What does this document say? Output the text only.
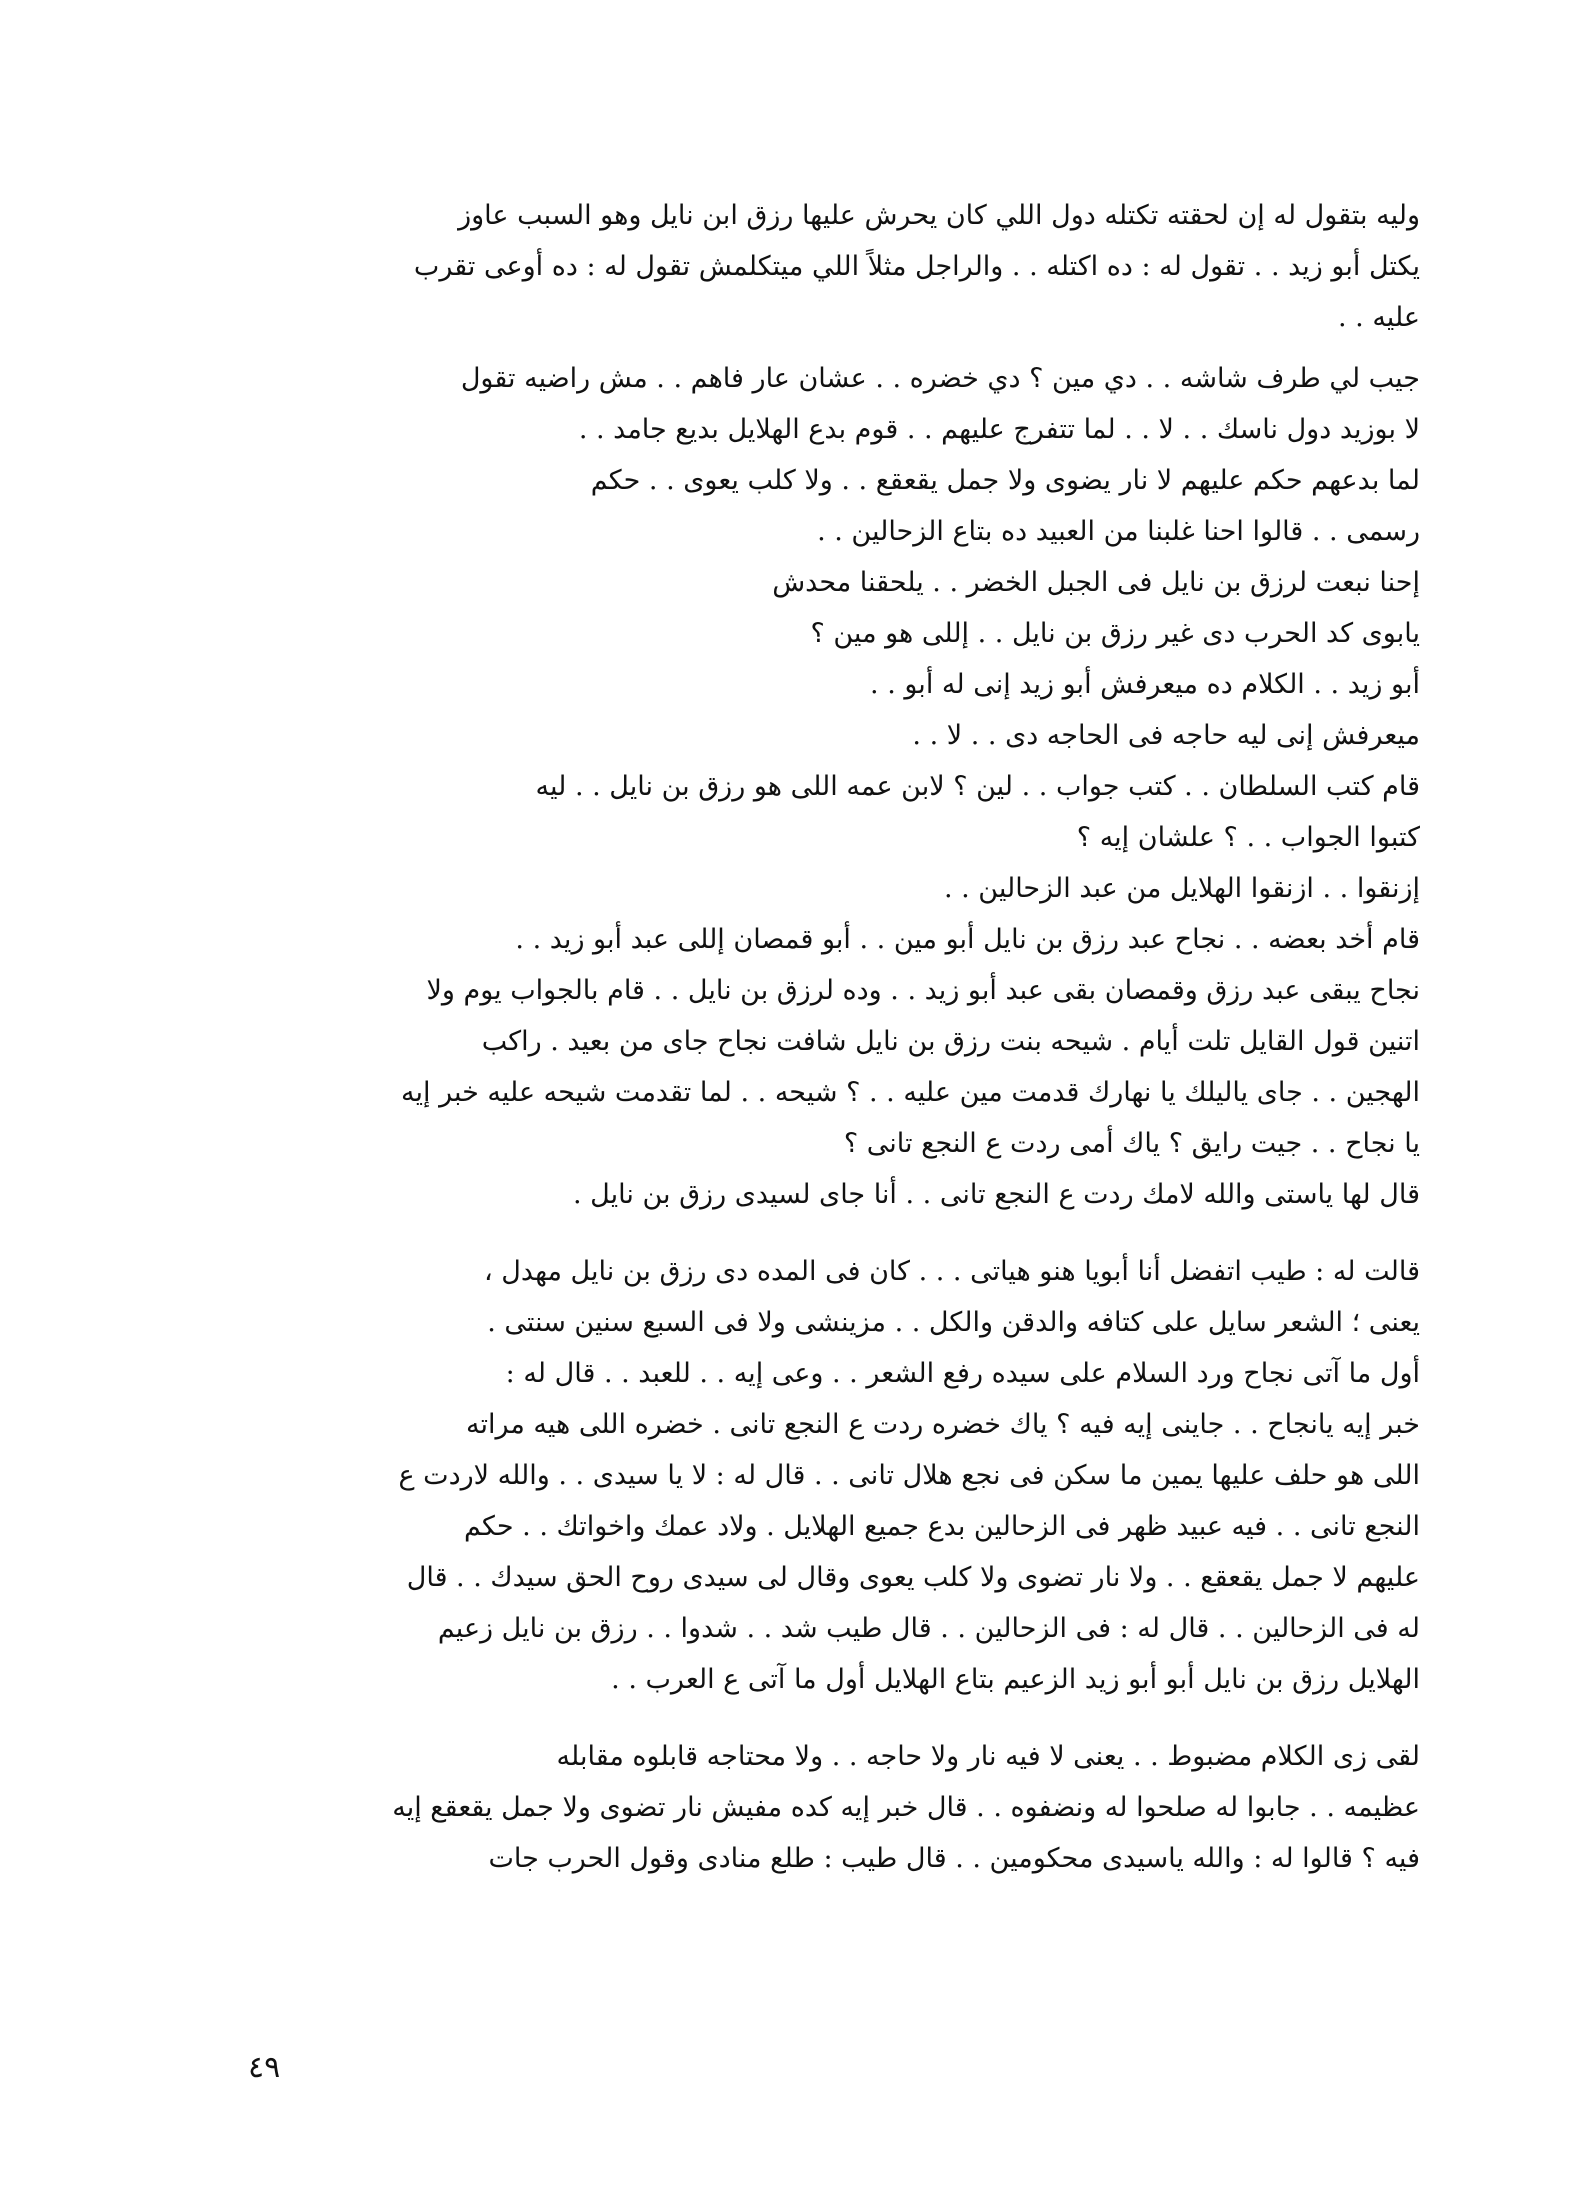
وليه بتقول له إن لحقته تكتله دول اللي كان يحرش عليها رزق ابن نايل وهو السبب عاوز
يكتل أبو زيد . . تقول له : ده اكتله . . والراجل مثلاً اللي ميتكلمش تقول له : ده أوعى تقرب
عليه . .

جيب لي طرف شاشه . . دي مين ؟ دي خضره . . عشان عار فاهم . . مش راضيه تقول
لا بوزيد دول ناسك . . لا . . لما تتفرج عليهم . . قوم بدع الهلايل بديع جامد . .
لما بدعهم حكم عليهم لا نار يضوى ولا جمل يقعقع . . ولا كلب يعوى . . حكم
رسمى . . قالوا احنا غلبنا من العبيد ده بتاع الزحالين . .
إحنا نبعت لرزق بن نايل فى الجبل الخضر . . يلحقنا محدش
يابوى كد الحرب دى غير رزق بن نايل . . إللى هو مين ؟
أبو زيد . . الكلام ده ميعرفش أبو زيد إنى له أبو . .
ميعرفش إنى ليه حاجه فى الحاجه دى . . لا . .
قام كتب السلطان . . كتب جواب . . لين ؟ لابن عمه اللى هو رزق بن نايل . . ليه
كتبوا الجواب . . ؟ علشان إيه ؟
إزنقوا . . ازنقوا الهلايل من عبد الزحالين . .
قام أخد بعضه . . نجاح عبد رزق بن نايل أبو مين . . أبو قمصان إللى عبد أبو زيد . .
نجاح يبقى عبد رزق وقمصان بقى عبد أبو زيد . . وده لرزق بن نايل . . قام بالجواب يوم ولا
اتنين قول القايل تلت أيام . شيحه بنت رزق بن نايل شافت نجاح جاى من بعيد . راكب
الهجين . . جاى ياليلك يا نهارك قدمت مين عليه . . ؟ شيحه . . لما تقدمت شيحه عليه خبر إيه
يا نجاح . . جيت رايق ؟ ياك أمى ردت ع النجع تانى ؟
قال لها ياستى والله لامك ردت ع النجع تانى . . أنا جاى لسيدى رزق بن نايل .

قالت له : طيب اتفضل أنا أبويا هنو هياتى . . . كان فى المده دى رزق بن نايل مهدل ،
يعنى ؛ الشعر سايل على كتافه والدقن والكل . . مزينشى ولا فى السبع سنين سنتى .
أول ما آتى نجاح ورد السلام على سيده رفع الشعر . . وعى إيه . . للعبد . . قال له :
خبر إيه يانجاح . . جاينى إيه فيه ؟ ياك خضره ردت ع النجع تانى . خضره اللى هيه مراته
اللى هو حلف عليها يمين ما سكن فى نجع هلال تانى . . قال له : لا يا سيدى . . والله لاردت ع
النجع تانى . . فيه عبيد ظهر فى الزحالين بدع جميع الهلايل . ولاد عمك واخواتك . . حكم
عليهم لا جمل يقعقع . . ولا نار تضوى ولا كلب يعوى وقال لى سيدى روح الحق سيدك . . قال
له فى الزحالين . . قال له : فى الزحالين . . قال طيب شد . . شدوا . . رزق بن نايل زعيم
الهلايل رزق بن نايل أبو أبو زيد الزعيم بتاع الهلايل أول ما آتى ع العرب . .

لقى زى الكلام مضبوط . . يعنى لا فيه نار ولا حاجه . . ولا محتاجه قابلوه مقابله
عظيمه . . جابوا له صلحوا له ونضفوه . . قال خبر إيه كده مفيش نار تضوى ولا جمل يقعقع إيه
فيه ؟ قالوا له : والله ياسيدى محكومين . . قال طيب : طلع منادى وقول الحرب جات

٤٩
